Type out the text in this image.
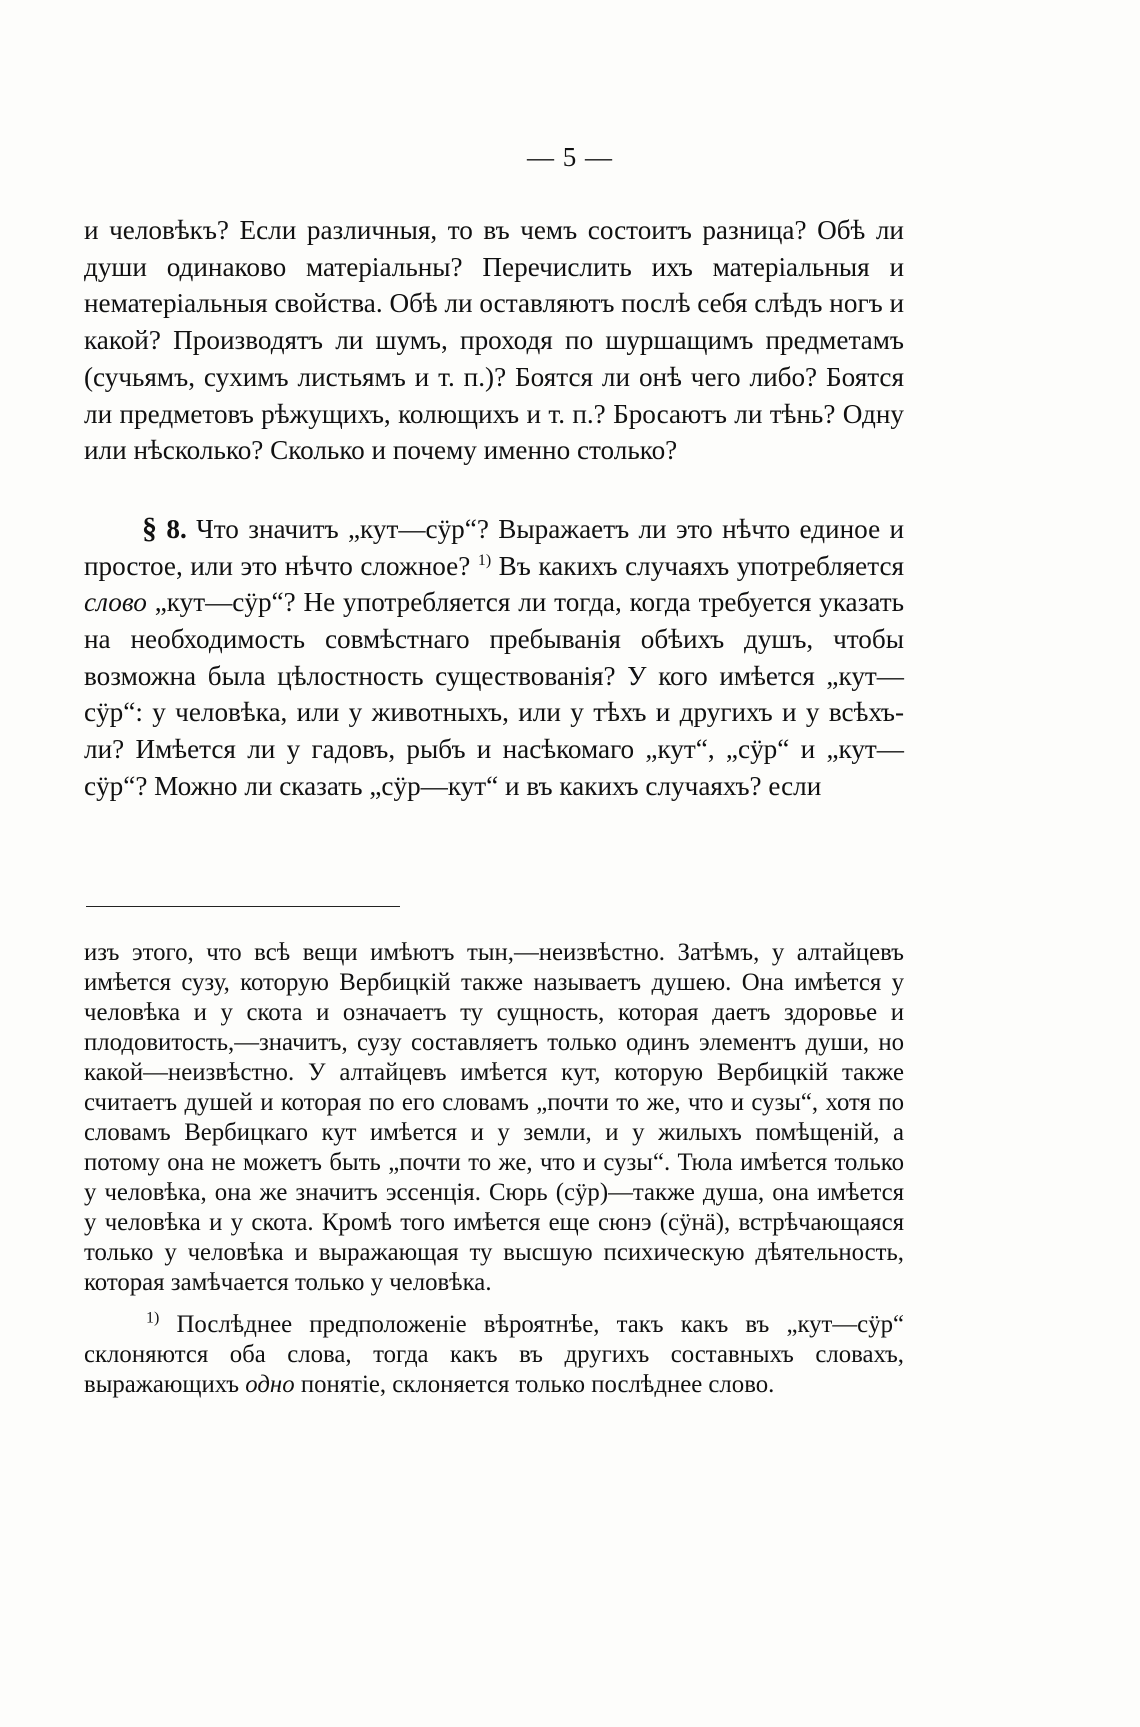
— 5 —

и человѣкъ? Если различныя, то въ чемъ состоитъ разница? Обѣ ли души одинаково матеріальны? Перечислить ихъ матеріальныя и нематеріальныя свойства. Обѣ ли оставляютъ послѣ себя слѣдъ ногъ и какой? Производятъ ли шумъ, проходя по шуршащимъ предметамъ (сучьямъ, сухимъ листьямъ и т. п.)? Боятся ли онѣ чего либо? Боятся ли предметовъ рѣжущихъ, колющихъ и т. п.? Бросаютъ ли тѣнь? Одну или нѣсколько? Сколько и почему именно столько?

§ 8. Что значитъ „кут—сӱр“? Выражаетъ ли это нѣчто единое и простое, или это нѣчто сложное? $^{1)}$ Въ какихъ случаяхъ употребляется слово „кут—сӱр“? Не употребляется ли тогда, когда требуется указать на необходимость совмѣстнаго пребыванія обѣихъ душъ, чтобы возможна была цѣлостность существованія? У кого имѣется „кут—сӱр“: у человѣка, или у животныхъ, или у тѣхъ и другихъ и у всѣхъ-ли? Имѣется ли у гадовъ, рыбъ и насѣкомаго „кут“, „сӱр“ и „кут—сӱр“? Можно ли сказать „сӱр—кут“ и въ какихъ случаяхъ? если

изъ этого, что всѣ вещи имѣютъ тын,—неизвѣстно. Затѣмъ, у алтайцевъ имѣется сузу, которую Вербицкій также называетъ душею. Она имѣется у человѣка и у скота и означаетъ ту сущность, которая даетъ здоровье и плодовитость,—значитъ, сузу составляетъ только одинъ элементъ души, но какой—неизвѣстно. У алтайцевъ имѣется кут, которую Вербицкій также считаетъ душей и которая по его словамъ „почти то же, что и сузы“, хотя по словамъ Вербицкаго кут имѣется и у земли, и у жилыхъ помѣщеній, а потому она не можетъ быть „почти то же, что и сузы“. Тюла имѣется только у человѣка, она же значитъ эссенція. Сюрь (сӱр)—также душа, она имѣется у человѣка и у скота. Кромѣ того имѣется еще сюнэ (сӱнä), встрѣчающаяся только у человѣка и выражающая ту высшую психическую дѣятельность, которая замѣчается только у человѣка.

$^{1)}$ Послѣднее предположеніе вѣроятнѣе, такъ какъ въ „кут—сӱр“ склоняются оба слова, тогда какъ въ другихъ составныхъ словахъ, выражающихъ одно понятіе, склоняется только послѣднее слово.
